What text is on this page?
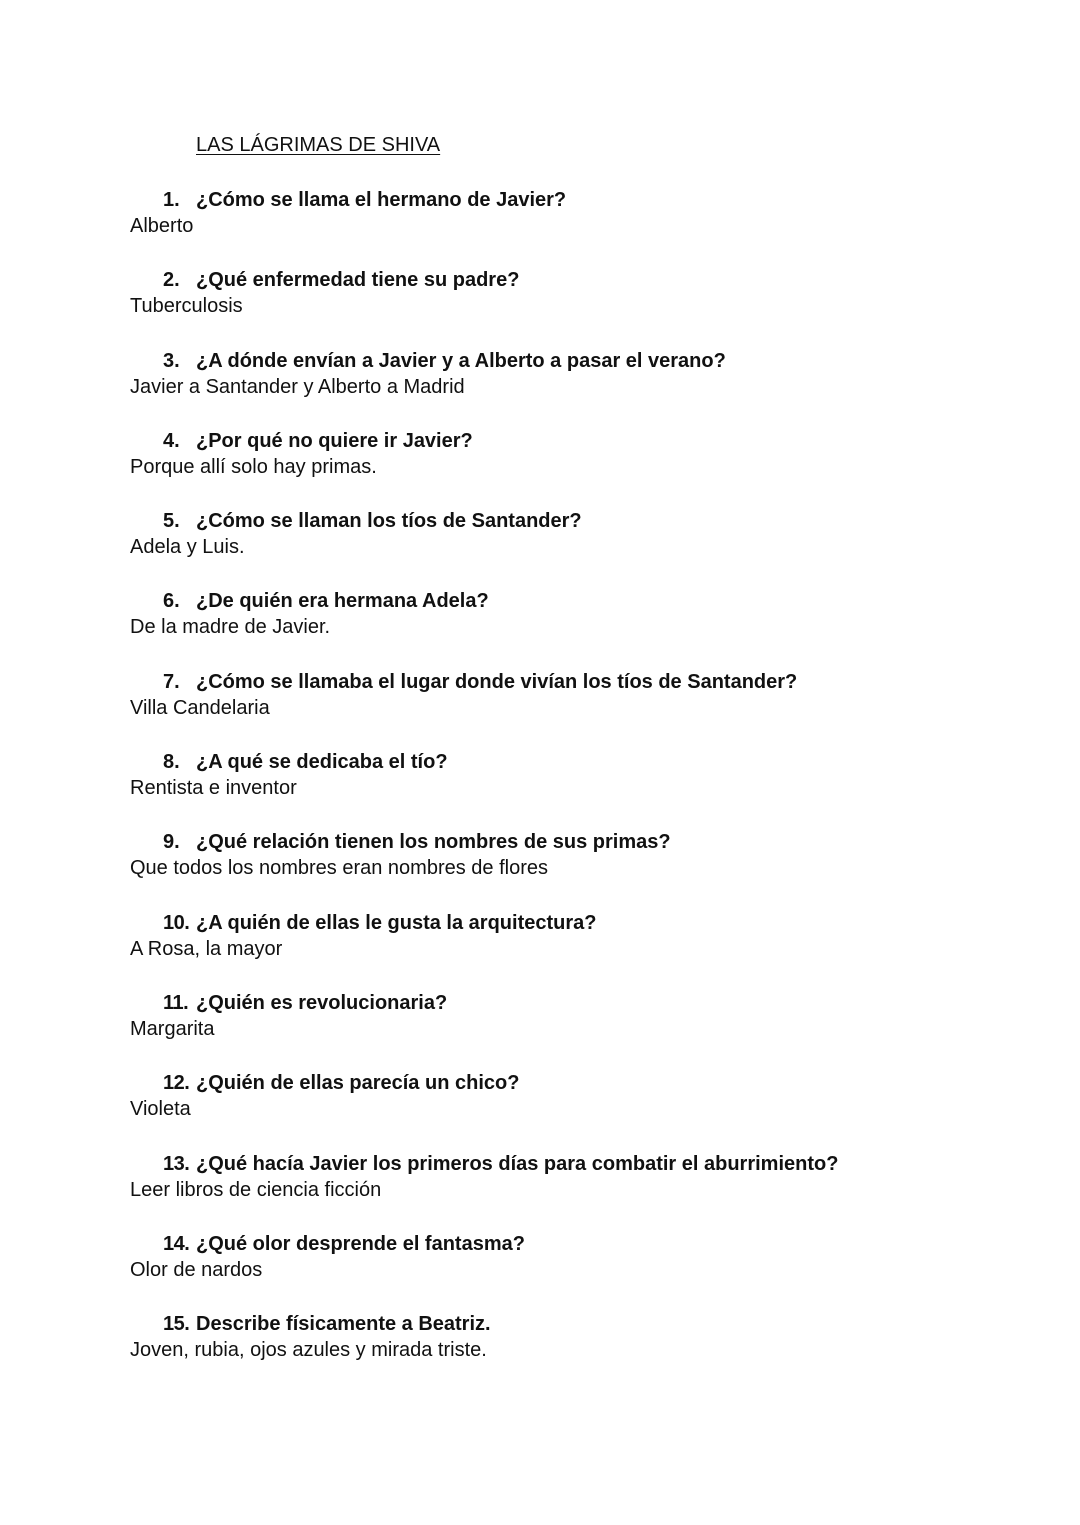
LAS LÁGRIMAS DE SHIVA
1. ¿Cómo se llama el hermano de Javier?
Alberto
2. ¿Qué enfermedad tiene su padre?
Tuberculosis
3. ¿A dónde envían a Javier y a Alberto a pasar el verano?
Javier a Santander y Alberto a Madrid
4. ¿Por qué no quiere ir Javier?
Porque allí solo hay primas.
5. ¿Cómo se llaman los tíos de Santander?
Adela y Luis.
6. ¿De quién era hermana Adela?
De la madre de Javier.
7. ¿Cómo se llamaba el lugar donde vivían los tíos de Santander?
Villa Candelaria
8. ¿A qué se dedicaba el tío?
Rentista e inventor
9. ¿Qué relación tienen los nombres de sus primas?
Que todos los nombres eran nombres de flores
10. ¿A quién de ellas le gusta la arquitectura?
A Rosa, la mayor
11. ¿Quién es revolucionaria?
Margarita
12. ¿Quién de ellas parecía un chico?
Violeta
13. ¿Qué hacía Javier los primeros días para combatir el aburrimiento?
Leer libros de ciencia ficción
14. ¿Qué olor desprende el fantasma?
Olor de nardos
15. Describe físicamente a Beatriz.
Joven, rubia, ojos azules y mirada triste.
